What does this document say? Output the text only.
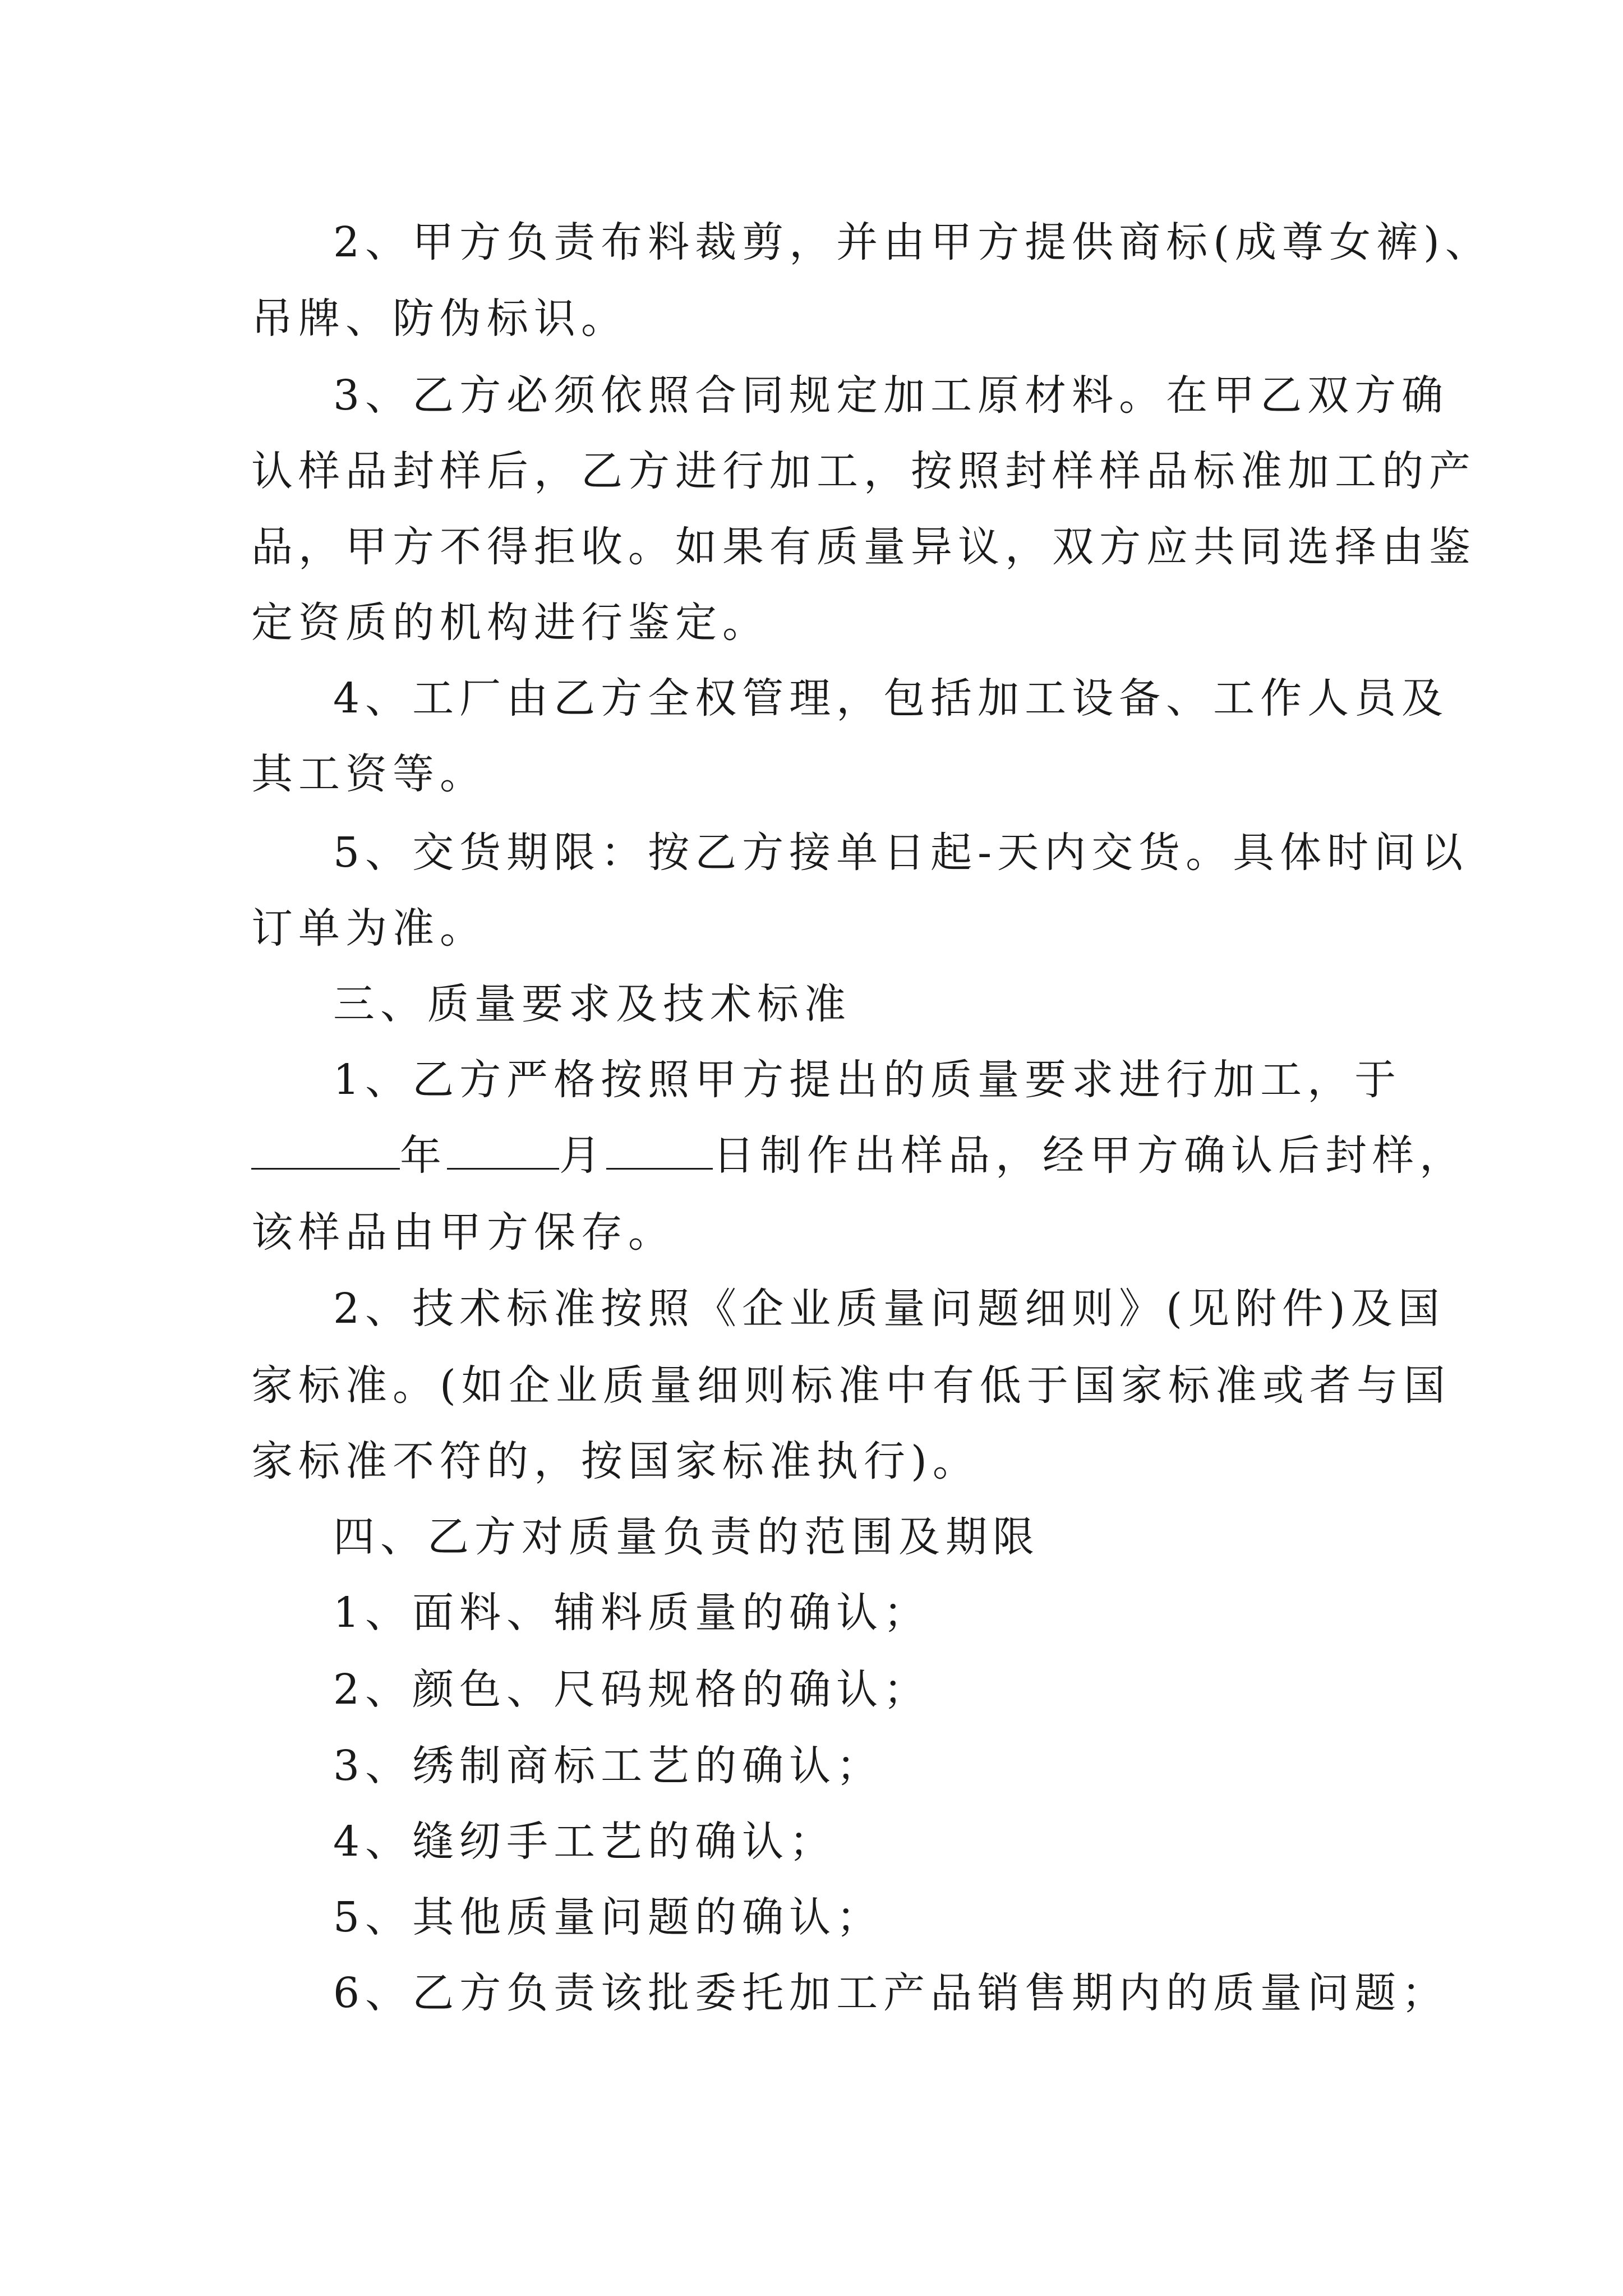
2、甲方负责布料裁剪，并由甲方提供商标(成尊女裤)、
吊牌、防伪标识。
3、乙方必须依照合同规定加工原材料。在甲乙双方确
认样品封样后，乙方进行加工，按照封样样品标准加工的产
品，甲方不得拒收。如果有质量异议，双方应共同选择由鉴
定资质的机构进行鉴定。
4、工厂由乙方全权管理，包括加工设备、工作人员及
其工资等。
5、交货期限：按乙方接单日起-天内交货。具体时间以
订单为准。
三、质量要求及技术标准
1、乙方严格按照甲方提出的质量要求进行加工，于
年	月	日制作出样品，经甲方确认后封样，
该样品由甲方保存。
2、技术标准按照《企业质量问题细则》(见附件)及国
家标准。(如企业质量细则标准中有低于国家标准或者与国
家标准不符的，按国家标准执行)。
四、乙方对质量负责的范围及期限
1、面料、辅料质量的确认；
2、颜色、尺码规格的确认；
3、绣制商标工艺的确认；
4、缝纫手工艺的确认；
5、其他质量问题的确认；
6、乙方负责该批委托加工产品销售期内的质量问题；
